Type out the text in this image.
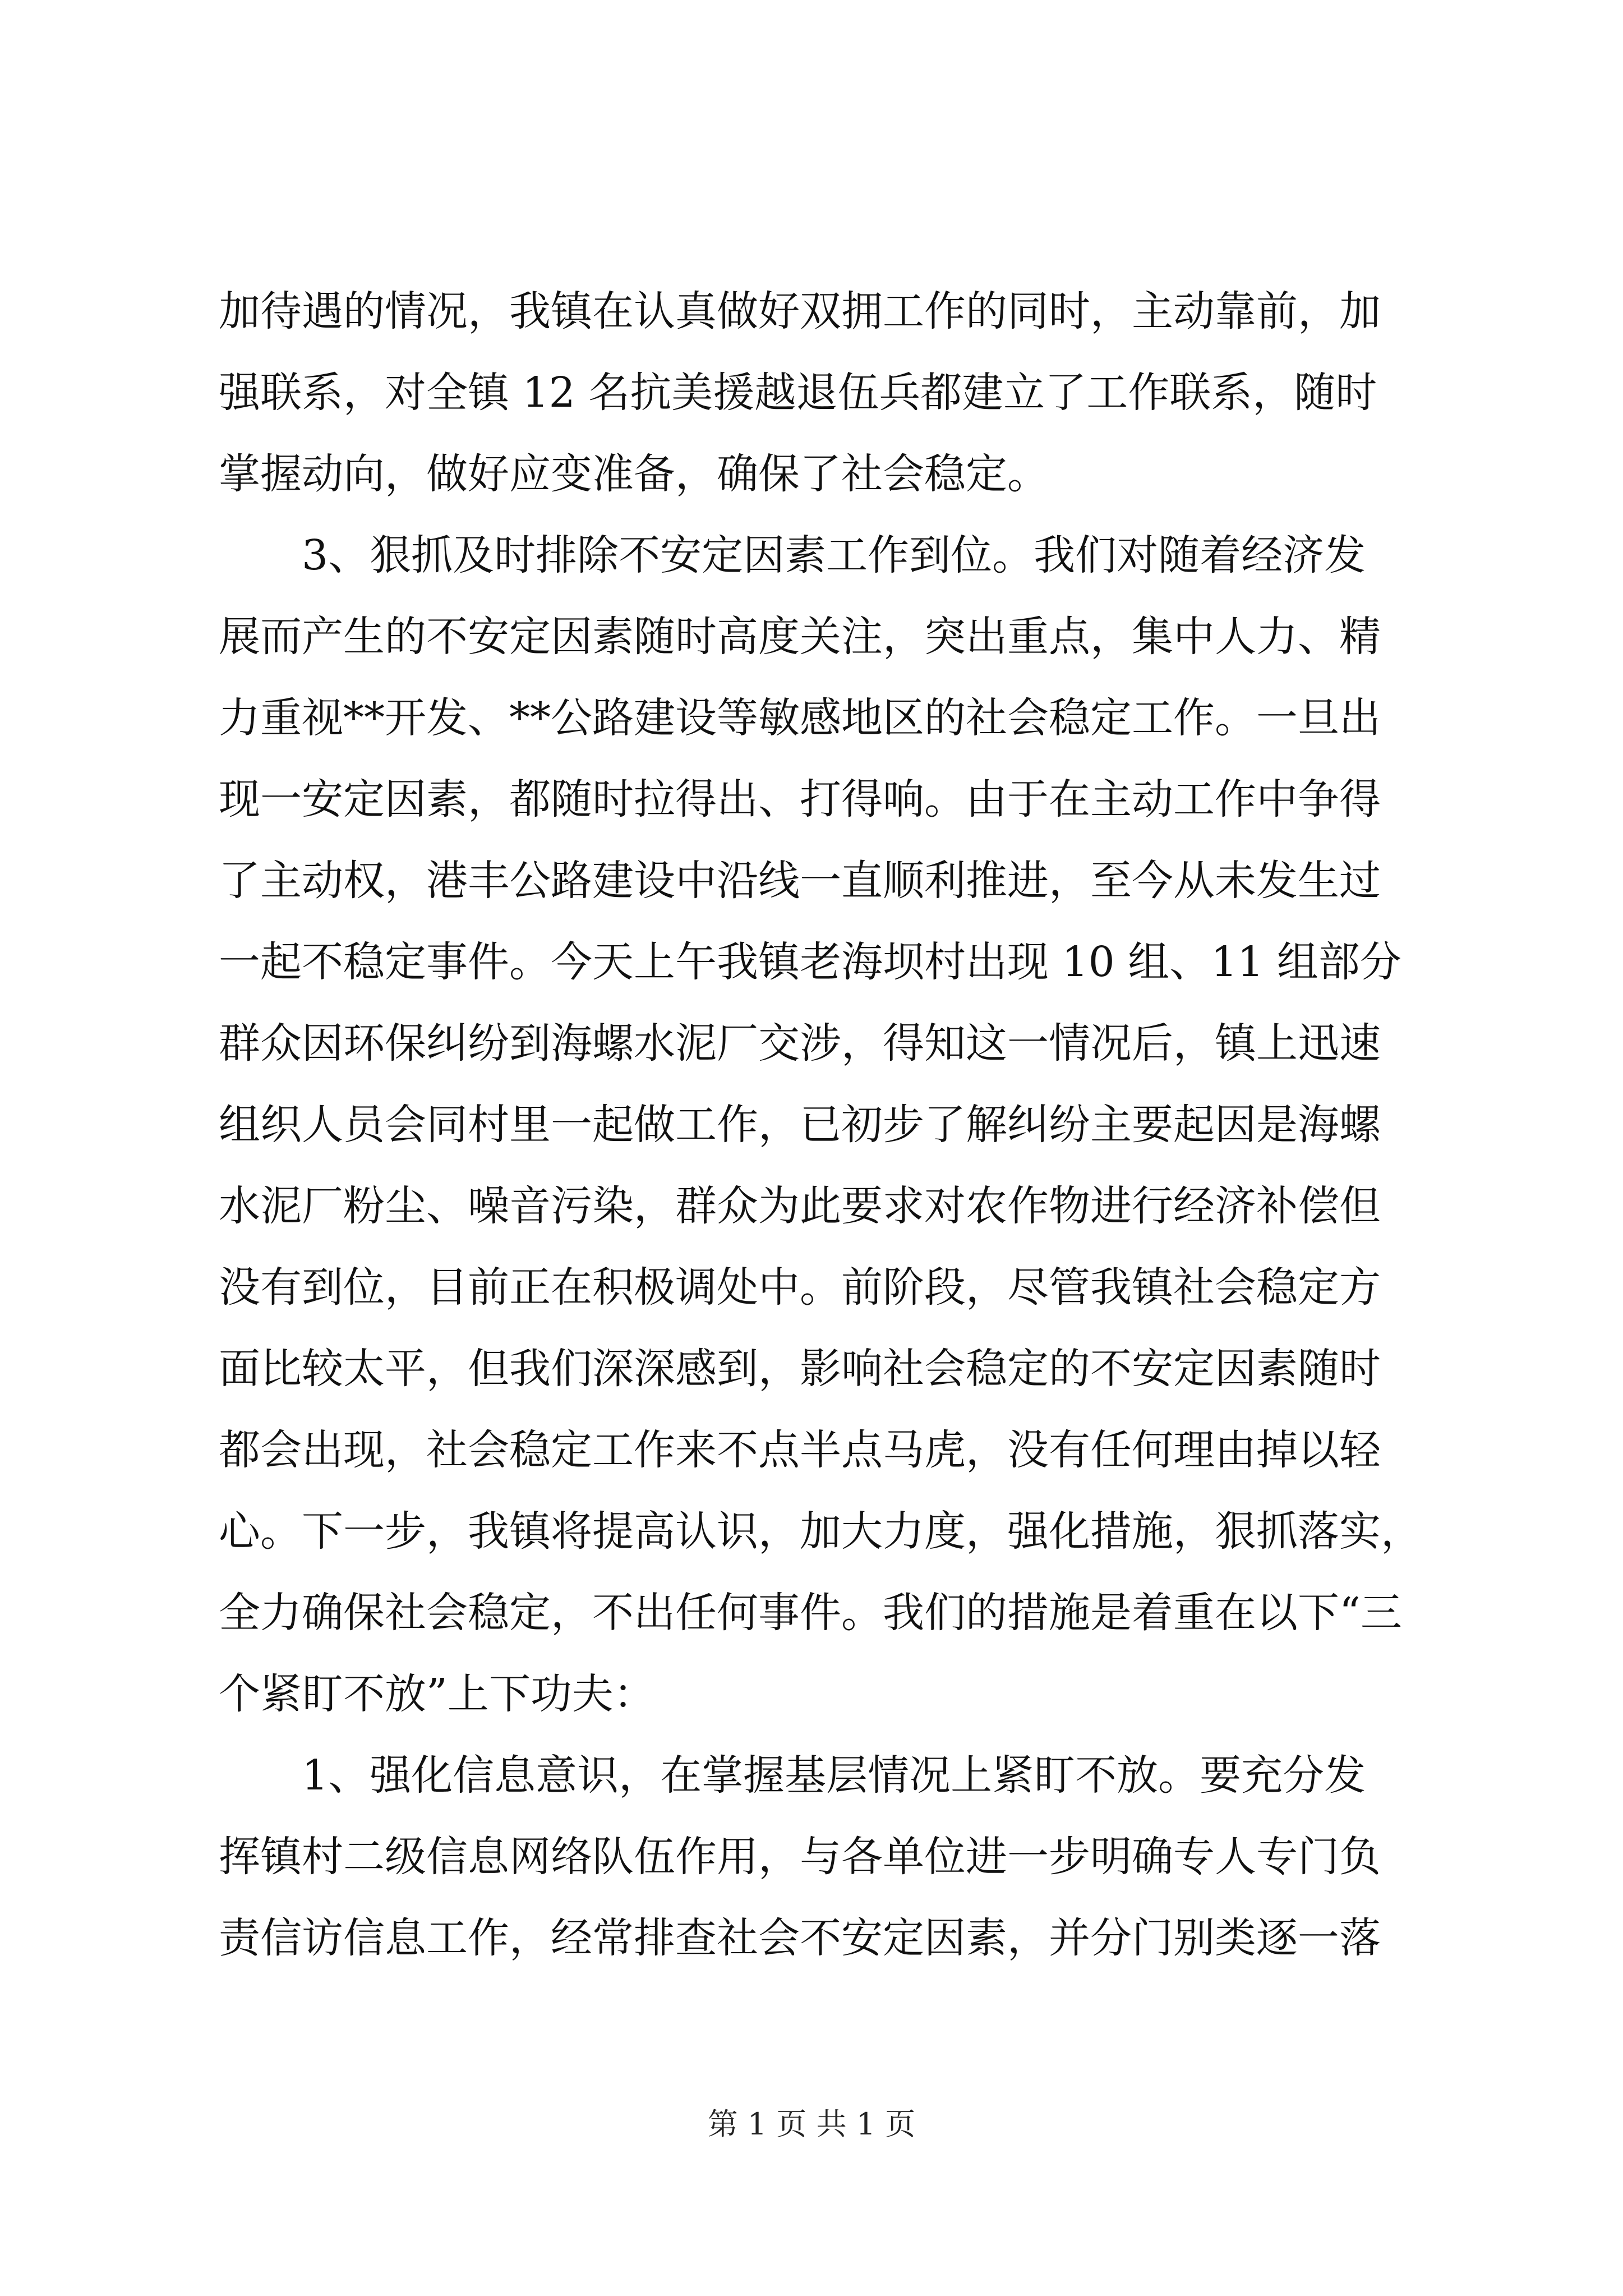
加待遇的情况，我镇在认真做好双拥工作的同时，主动靠前，加
强联系，对全镇 12 名抗美援越退伍兵都建立了工作联系，随时
掌握动向，做好应变准备，确保了社会稳定。
　　3、狠抓及时排除不安定因素工作到位。我们对随着经济发
展而产生的不安定因素随时高度关注，突出重点，集中人力、精
力重视**开发、**公路建设等敏感地区的社会稳定工作。一旦出
现一安定因素，都随时拉得出、打得响。由于在主动工作中争得
了主动权，港丰公路建设中沿线一直顺利推进，至今从未发生过
一起不稳定事件。今天上午我镇老海坝村出现 10 组、11 组部分
群众因环保纠纷到海螺水泥厂交涉，得知这一情况后，镇上迅速
组织人员会同村里一起做工作，已初步了解纠纷主要起因是海螺
水泥厂粉尘、噪音污染，群众为此要求对农作物进行经济补偿但
没有到位，目前正在积极调处中。前阶段，尽管我镇社会稳定方
面比较太平，但我们深深感到，影响社会稳定的不安定因素随时
都会出现，社会稳定工作来不点半点马虎，没有任何理由掉以轻
心。下一步，我镇将提高认识，加大力度，强化措施，狠抓落实，
全力确保社会稳定，不出任何事件。我们的措施是着重在以下“三
个紧盯不放”上下功夫：
　　1、强化信息意识，在掌握基层情况上紧盯不放。要充分发
挥镇村二级信息网络队伍作用，与各单位进一步明确专人专门负
责信访信息工作，经常排查社会不安定因素，并分门别类逐一落
第 1 页 共 1 页
